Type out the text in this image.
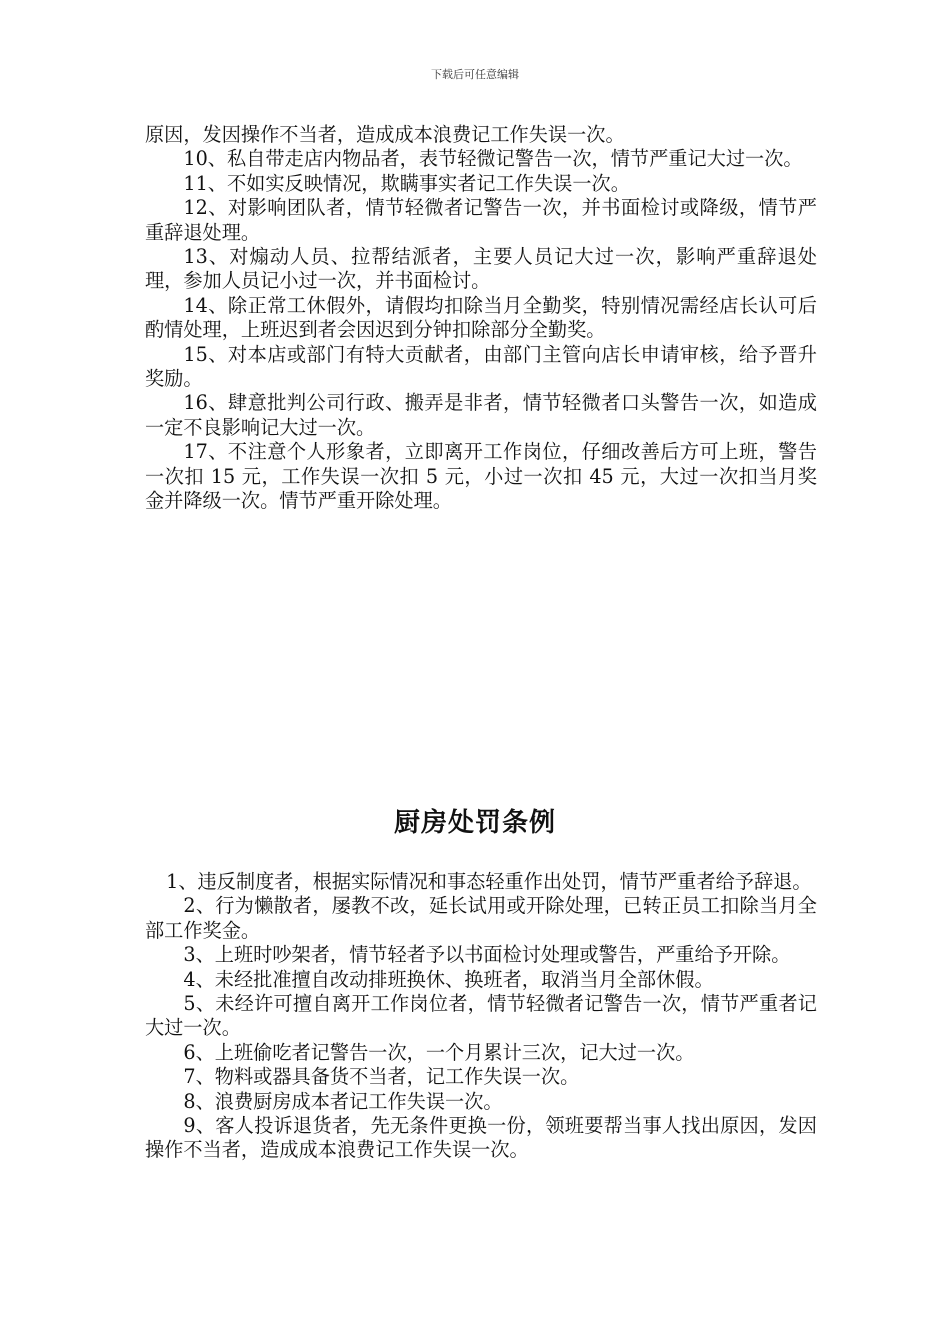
下载后可任意编辑

原因，发因操作不当者，造成成本浪费记工作失误一次。

10、私自带走店内物品者，表节轻微记警告一次，情节严重记大过一次。

11、不如实反映情况，欺瞒事实者记工作失误一次。

12、对影响团队者，情节轻微者记警告一次，并书面检讨或降级，情节严重辞退处理。

13、对煽动人员、拉帮结派者，主要人员记大过一次，影响严重辞退处理，参加人员记小过一次，并书面检讨。

14、除正常工休假外，请假均扣除当月全勤奖，特别情况需经店长认可后酌情处理，上班迟到者会因迟到分钟扣除部分全勤奖。

15、对本店或部门有特大贡献者，由部门主管向店长申请审核，给予晋升奖励。

16、肆意批判公司行政、搬弄是非者，情节轻微者口头警告一次，如造成一定不良影响记大过一次。

17、不注意个人形象者，立即离开工作岗位，仔细改善后方可上班，警告一次扣 15 元，工作失误一次扣 5 元，小过一次扣 45 元，大过一次扣当月奖金并降级一次。情节严重开除处理。

厨房处罚条例

1、违反制度者，根据实际情况和事态轻重作出处罚，情节严重者给予辞退。

2、行为懒散者，屡教不改，延长试用或开除处理，已转正员工扣除当月全部工作奖金。

3、上班时吵架者，情节轻者予以书面检讨处理或警告，严重给予开除。

4、未经批准擅自改动排班换休、换班者，取消当月全部休假。

5、未经许可擅自离开工作岗位者，情节轻微者记警告一次，情节严重者记大过一次。

6、上班偷吃者记警告一次，一个月累计三次，记大过一次。

7、物料或器具备货不当者，记工作失误一次。

8、浪费厨房成本者记工作失误一次。

9、客人投诉退货者，先无条件更换一份，领班要帮当事人找出原因，发因操作不当者，造成成本浪费记工作失误一次。
